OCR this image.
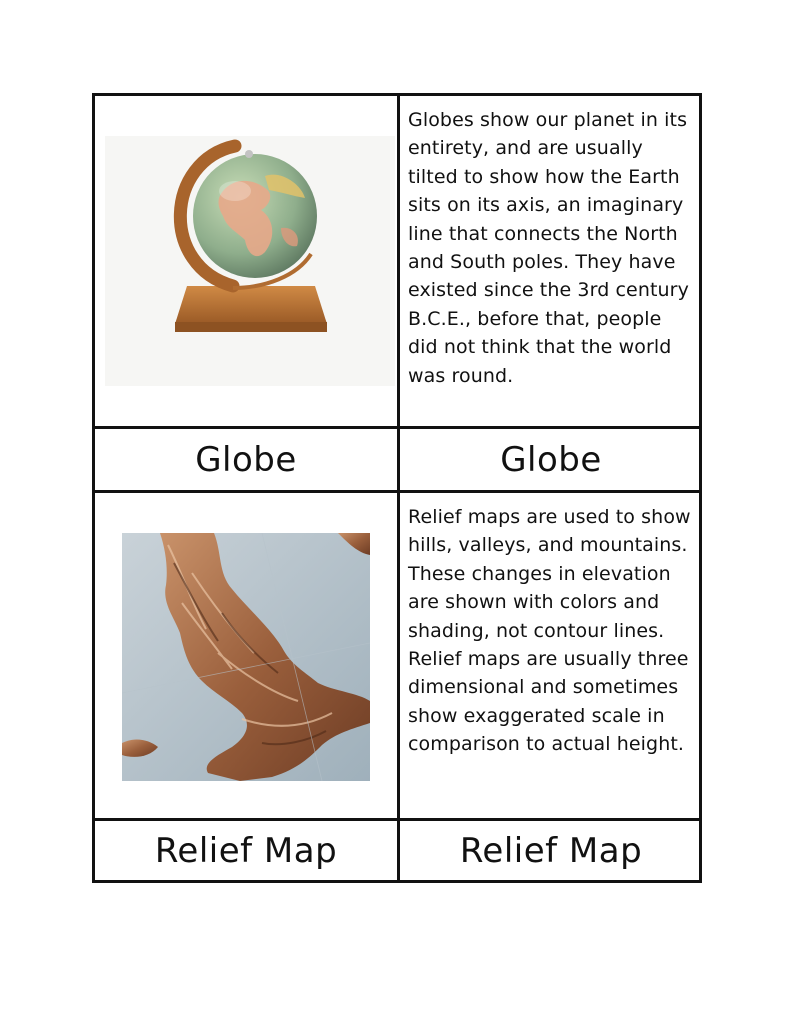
Globes show our planet in its entirety, and are usually tilted to show how the Earth sits on its axis, an imaginary line that connects the North and South poles. They have existed since the 3rd century B.C.E., before that, people did not think that the world was round.
Globe	Globe
Relief maps are used to show hills, valleys, and mountains. These changes in elevation are shown with colors and shading, not contour lines. Relief maps are usually three dimensional and sometimes show exaggerated scale in comparison to actual height.
Relief Map	Relief Map
